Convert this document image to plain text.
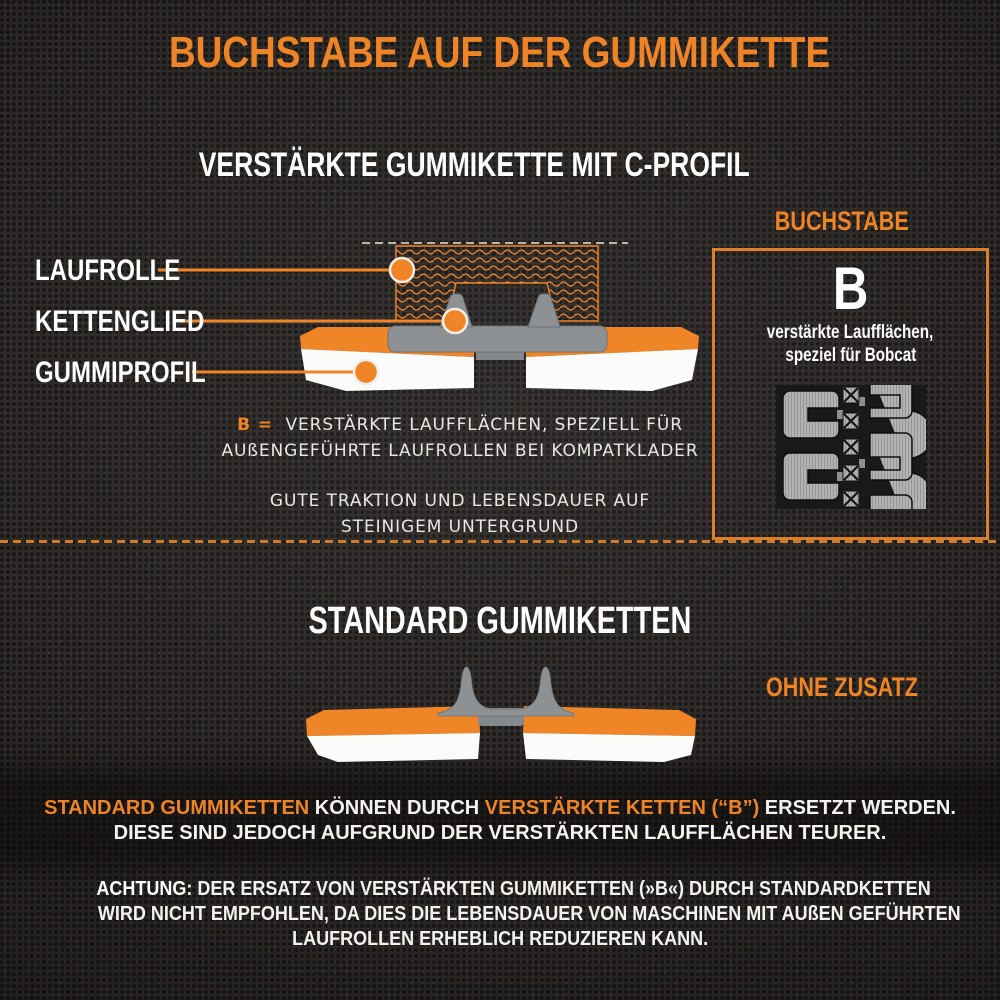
BUCHSTABE AUF DER GUMMIKETTE
VERSTÄRKTE GUMMIKETTE MIT C-PROFIL
LAUFROLLE
KETTENGLIED
GUMMIPROFIL
B = VERSTÄRKTE LAUFFLÄCHEN, SPEZIELL FÜR
AUßENGEFÜHRTE LAUFROLLEN BEI KOMPATKLADER
GUTE TRAKTION UND LEBENSDAUER AUF
STEINIGEM UNTERGRUND
BUCHSTABE
B
verstärkte Laufflächen,
speziel für Bobcat
STANDARD GUMMIKETTEN
OHNE ZUSATZ
STANDARD GUMMIKETTEN KÖNNEN DURCH VERSTÄRKTE KETTEN (“B”) ERSETZT WERDEN.
DIESE SIND JEDOCH AUFGRUND DER VERSTÄRKTEN LAUFFLÄCHEN TEURER.
ACHTUNG: DER ERSATZ VON VERSTÄRKTEN GUMMIKETTEN (»B«) DURCH STANDARDKETTEN
WIRD NICHT EMPFOHLEN, DA DIES DIE LEBENSDAUER VON MASCHINEN MIT AUßEN GEFÜHRTEN
LAUFROLLEN ERHEBLICH REDUZIEREN KANN.
